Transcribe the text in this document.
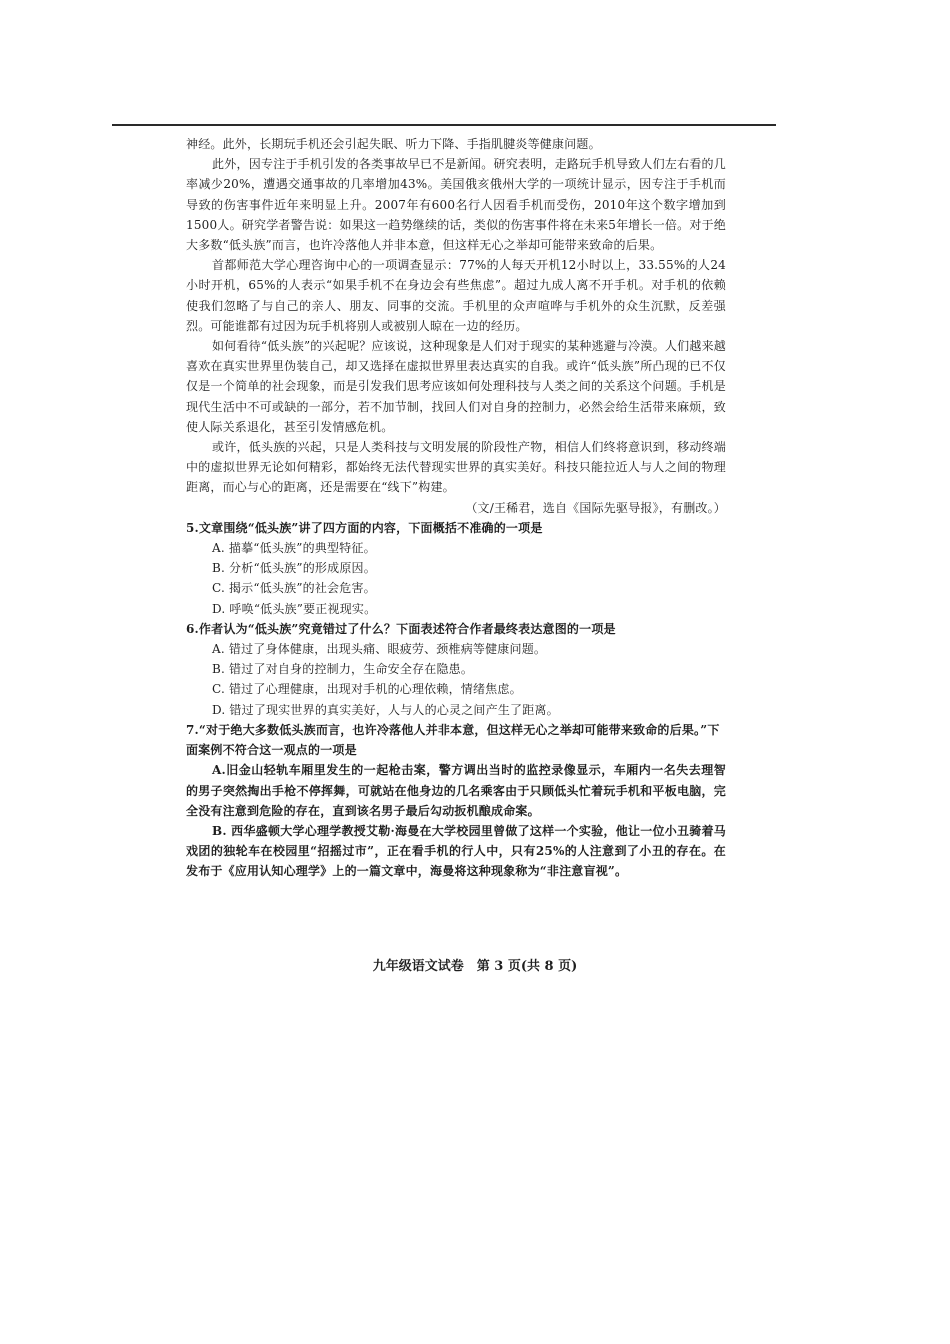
神经。此外，长期玩手机还会引起失眠、听力下降、手指肌腱炎等健康问题。

此外，因专注于手机引发的各类事故早已不是新闻。研究表明，走路玩手机导致人们左右看的几率减少20%，遭遇交通事故的几率增加43%。美国俄亥俄州大学的一项统计显示，因专注于手机而导致的伤害事件近年来明显上升。2007年有600名行人因看手机而受伤，2010年这个数字增加到1500人。研究学者警告说：如果这一趋势继续的话，类似的伤害事件将在未来5年增长一倍。对于绝大多数“低头族”而言，也许冷落他人并非本意，但这样无心之举却可能带来致命的后果。

首都师范大学心理咨询中心的一项调查显示：77%的人每天开机12小时以上，33.55%的人24小时开机，65%的人表示“如果手机不在身边会有些焦虑”。超过九成人离不开手机。对手机的依赖使我们忽略了与自己的亲人、朋友、同事的交流。手机里的众声喧哗与手机外的众生沉默，反差强烈。可能谁都有过因为玩手机将别人或被别人晾在一边的经历。

如何看待“低头族”的兴起呢？应该说，这种现象是人们对于现实的某种逃避与冷漠。人们越来越喜欢在真实世界里伪装自己，却又选择在虚拟世界里表达真实的自我。或许“低头族”所凸现的已不仅仅是一个简单的社会现象，而是引发我们思考应该如何处理科技与人类之间的关系这个问题。手机是现代生活中不可或缺的一部分，若不加节制，找回人们对自身的控制力，必然会给生活带来麻烦，致使人际关系退化，甚至引发情感危机。

或许，低头族的兴起，只是人类科技与文明发展的阶段性产物，相信人们终将意识到，移动终端中的虚拟世界无论如何精彩，都始终无法代替现实世界的真实美好。科技只能拉近人与人之间的物理距离，而心与心的距离，还是需要在“线下”构建。

（文/王稀君，选自《国际先驱导报》，有删改。）

5.文章围绕“低头族”讲了四方面的内容，下面概括不准确的一项是

A. 描摹“低头族”的典型特征。

B. 分析“低头族”的形成原因。

C. 揭示“低头族”的社会危害。

D. 呼唤“低头族”要正视现实。

6.作者认为“低头族”究竟错过了什么？下面表述符合作者最终表达意图的一项是

A. 错过了身体健康，出现头痛、眼疲劳、颈椎病等健康问题。

B. 错过了对自身的控制力，生命安全存在隐患。

C. 错过了心理健康，出现对手机的心理依赖，情绪焦虑。

D. 错过了现实世界的真实美好，人与人的心灵之间产生了距离。

7.“对于绝大多数低头族而言，也许冷落他人并非本意，但这样无心之举却可能带来致命的后果。”下面案例不符合这一观点的一项是

A.旧金山轻轨车厢里发生的一起枪击案，警方调出当时的监控录像显示，车厢内一名失去理智的男子突然掏出手枪不停挥舞，可就站在他身边的几名乘客由于只顾低头忙着玩手机和平板电脑，完全没有注意到危险的存在，直到该名男子最后勾动扳机酿成命案。

B. 西华盛顿大学心理学教授艾勒·海曼在大学校园里曾做了这样一个实验，他让一位小丑骑着马戏团的独轮车在校园里“招摇过市”，正在看手机的行人中，只有25%的人注意到了小丑的存在。在发布于《应用认知心理学》上的一篇文章中，海曼将这种现象称为“非注意盲视”。

九年级语文试卷　第 3 页(共 8 页)
